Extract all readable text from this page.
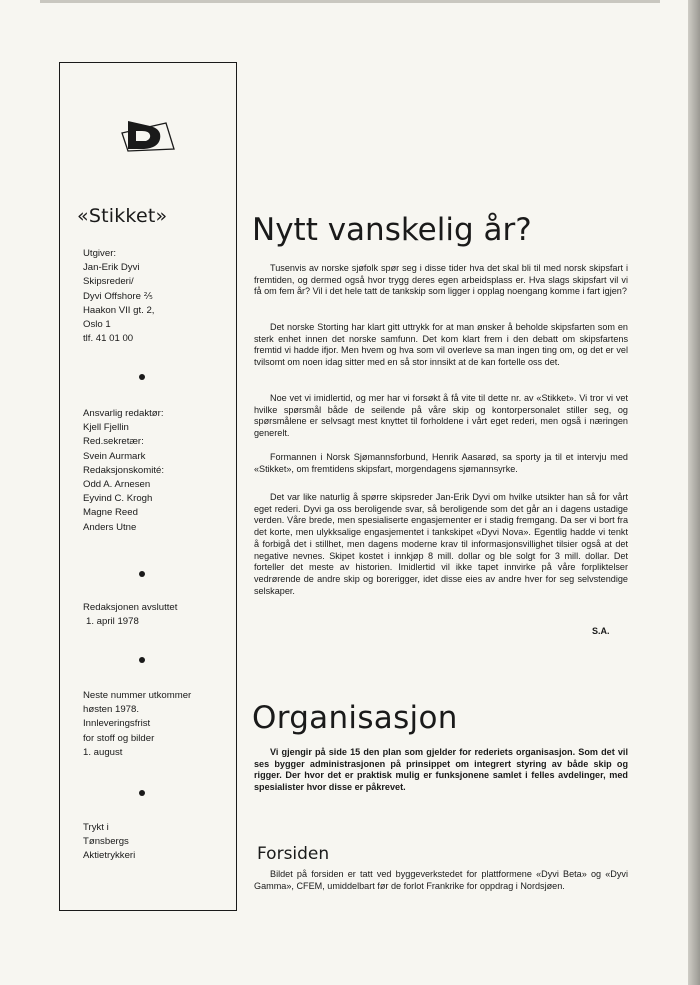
«Stikket»
Utgiver:
Jan-Erik Dyvi
Skipsrederi/
Dyvi Offshore ⅖
Haakon VII gt. 2,
Oslo 1
tlf. 41 01 00
Ansvarlig redaktør:
Kjell Fjellin
Red.sekretær:
Svein Aurmark
Redaksjonskomité:
Odd A. Arnesen
Eyvind C. Krogh
Magne Reed
Anders Utne
Redaksjonen avsluttet
1. april 1978
Neste nummer utkommer
høsten 1978.
Innleveringsfrist
for stoff og bilder
1. august
Trykt i
Tønsbergs
Aktietrykkeri
Nytt vanskelig år?

Tusenvis av norske sjøfolk spør seg i disse tider hva det skal bli til med norsk skipsfart i fremtiden, og dermed også hvor trygg deres egen arbeidsplass er. Hva slags skipsfart vil vi få om fem år? Vil i det hele tatt de tankskip som ligger i opplag noengang komme i fart igjen?

Det norske Storting har klart gitt uttrykk for at man ønsker å beholde skipsfarten som en sterk enhet innen det norske samfunn. Det kom klart frem i den debatt om skipsfartens fremtid vi hadde ifjor. Men hvem og hva som vil overleve sa man ingen ting om, og det er vel tvilsomt om noen idag sitter med en så stor innsikt at de kan fortelle oss det.

Noe vet vi imidlertid, og mer har vi forsøkt å få vite til dette nr. av «Stikket». Vi tror vi vet hvilke spørsmål både de seilende på våre skip og kontorpersonalet stiller seg, og spørsmålene er selvsagt mest knyttet til forholdene i vårt eget rederi, men også i næringen generelt.

Formannen i Norsk Sjømannsforbund, Henrik Aasarød, sa sporty ja til et intervju med «Stikket», om fremtidens skipsfart, morgendagens sjømannsyrke.

Det var like naturlig å spørre skipsreder Jan-Erik Dyvi om hvilke utsikter han så for vårt eget rederi. Dyvi ga oss beroligende svar, så beroligende som det går an i dagens ustadige verden. Våre brede, men spesialiserte engasjementer er i stadig fremgang. Da ser vi bort fra det korte, men ulykksalige engasjementet i tankskipet «Dyvi Nova». Egentlig hadde vi tenkt å forbigå det i stillhet, men dagens moderne krav til informasjonsvillighet tilsier også at det negative nevnes. Skipet kostet i innkjøp 8 mill. dollar og ble solgt for 3 mill. dollar. Det forteller det meste av historien. Imidlertid vil ikke tapet innvirke på våre forpliktelser vedrørende de andre skip og borerigger, idet disse eies av andre hver for seg selvstendige selskaper.

S.A.
Organisasjon

Vi gjengir på side 15 den plan som gjelder for rederiets organisasjon. Som det vil ses bygger administrasjonen på prinsippet om integrert styring av både skip og rigger. Der hvor det er praktisk mulig er funksjonene samlet i felles avdelinger, med spesialister hvor disse er påkrevet.

Forsiden

Bildet på forsiden er tatt ved byggeverkstedet for plattformene «Dyvi Beta» og «Dyvi Gamma», CFEM, umiddelbart før de forlot Frankrike for oppdrag i Nordsjøen.
